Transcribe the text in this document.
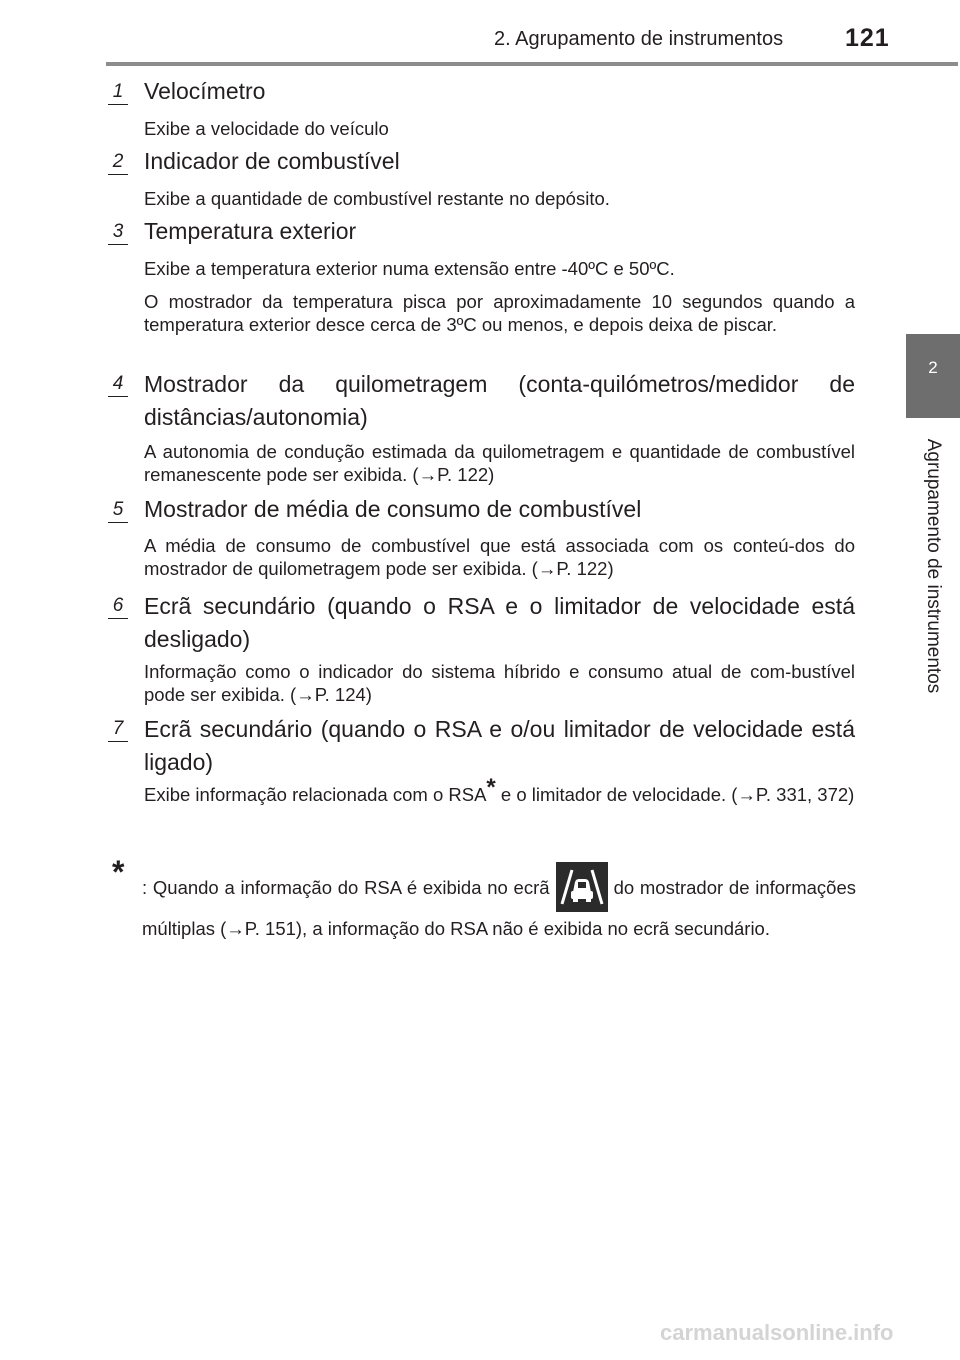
2. Agrupamento de instrumentos 121
2
Agrupamento de instrumentos
1 Velocímetro
Exibe a velocidade do veículo
2 Indicador de combustível
Exibe a quantidade de combustível restante no depósito.
3 Temperatura exterior
Exibe a temperatura exterior numa extensão entre -40ºC e 50ºC.
O mostrador da temperatura pisca por aproximadamente 10 segundos quando a temperatura exterior desce cerca de 3ºC ou menos, e depois deixa de piscar.
4 Mostrador da quilometragem (conta-quilómetros/medidor de distâncias/autonomia)
A autonomia de condução estimada da quilometragem e quantidade de combustível remanescente pode ser exibida. (→P. 122)
5 Mostrador de média de consumo de combustível
A média de consumo de combustível que está associada com os conteú-dos do mostrador de quilometragem pode ser exibida. (→P. 122)
6 Ecrã secundário (quando o RSA e o limitador de velocidade está desligado)
Informação como o indicador do sistema híbrido e consumo atual de com-bustível pode ser exibida. (→P. 124)
7 Ecrã secundário (quando o RSA e o/ou limitador de velocidade está ligado)
Exibe informação relacionada com o RSA* e o limitador de velocidade. (→P. 331, 372)
* : Quando a informação do RSA é exibida no ecrã	do mostrador de informações múltiplas (→P. 151), a informação do RSA não é exibida no ecrã secundário.
carmanualsonline.info
